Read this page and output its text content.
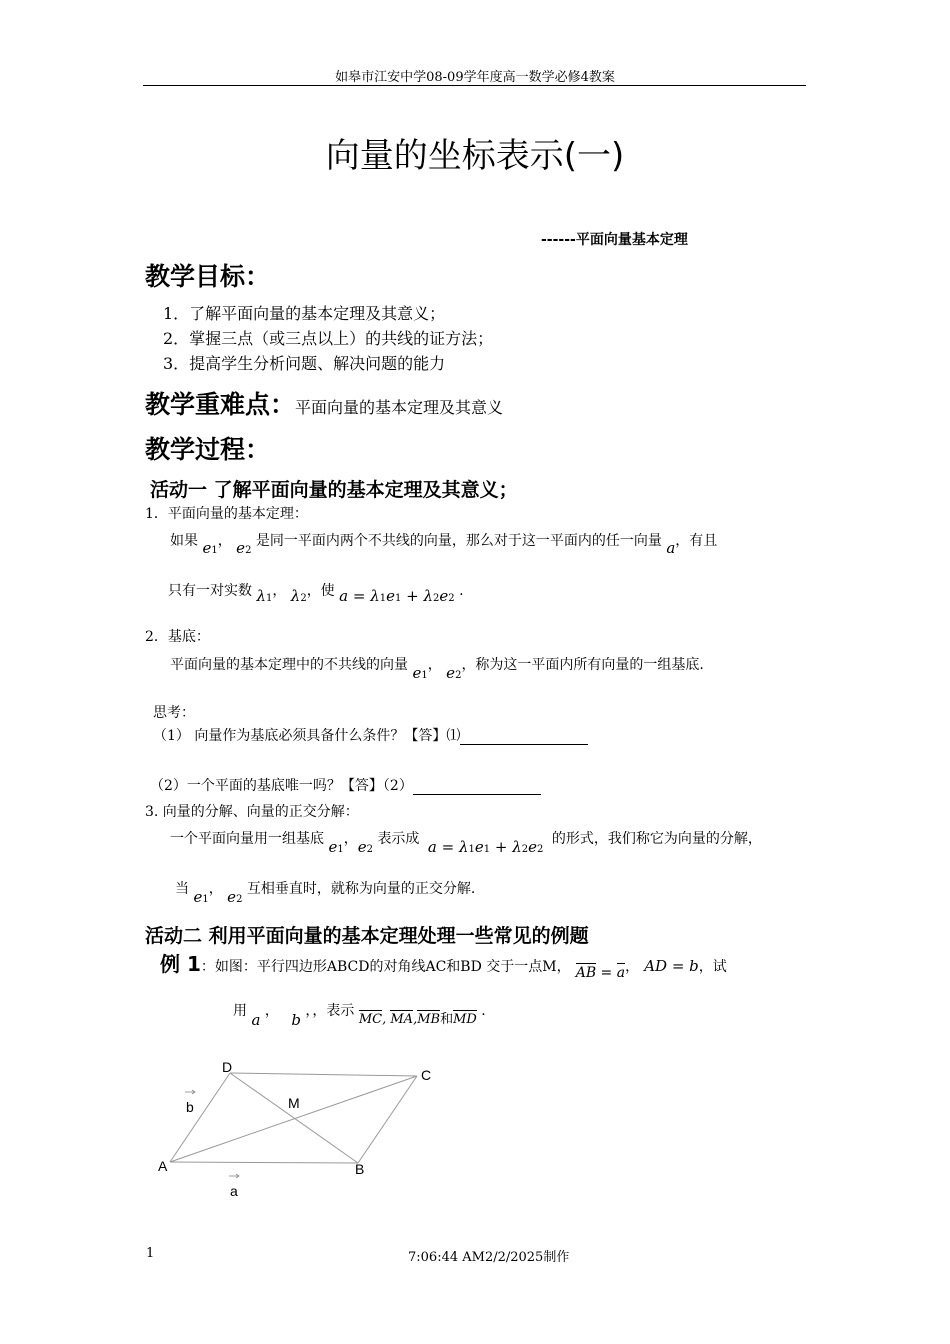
如皋市江安中学08-09学年度高一数学必修4教案
向量的坐标表示(一)
------平面向量基本定理
教学目标：
1．了解平面向量的基本定理及其意义；
2．掌握三点（或三点以上）的共线的证方法；
3．提高学生分析问题、解决问题的能力
教学重难点：平面向量的基本定理及其意义
教学过程：
活动一 了解平面向量的基本定理及其意义；
1．平面向量的基本定理：
如果 e1， e2 是同一平面内两个不共线的向量，那么对于这一平面内的任一向量 a，有且
只有一对实数 λ1， λ2，使 a = λ1e1 + λ2e2 .
2．基底：
平面向量的基本定理中的不共线的向量 e1， e2，称为这一平面内所有向量的一组基底.
思考：
（1） 向量作为基底必须具备什么条件？【答】⑴
（2）一个平面的基底唯一吗？【答】（2）
3. 向量的分解、向量的正交分解：
一个平面向量用一组基底 e1，e2 表示成 a = λ1e1 + λ2e2 的形式，我们称它为向量的分解，
当 e1， e2 互相垂直时，就称为向量的正交分解.
活动二 利用平面向量的基本定理处理一些常见的例题
例 1：如图：平行四边形ABCD的对角线AC和BD 交于一点M， AB = a， AD = b，试
用 a ， b ，，表示 MC, MA,MB和MD .
A	B
C
D
M
b
a
1	7:06:44 AM2/2/2025制作
